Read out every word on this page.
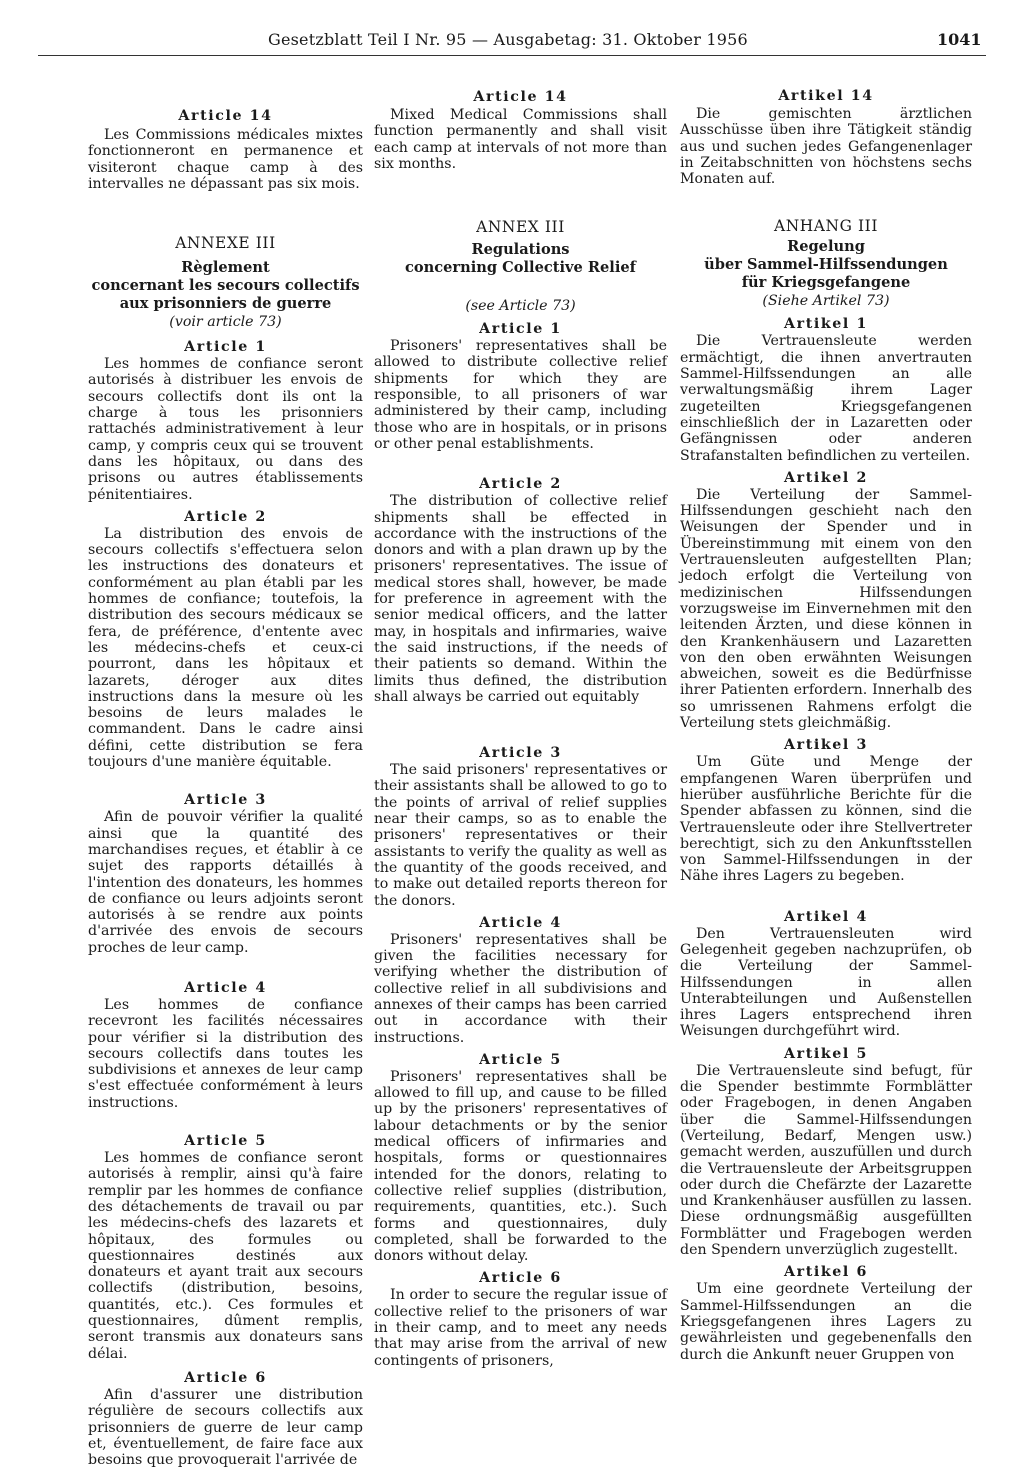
Gesetzblatt Teil I Nr. 95 — Ausgabetag: 31. Oktober 1956	1041
Article 14

Les Commissions médicales mixtes fonctionneront en permanence et visiteront chaque camp à des intervalles ne dépassant pas six mois.

ANNEXE III
Règlement
concernant les secours collectifs
aux prisonniers de guerre
(voir article 73)
Article 1

Les hommes de confiance seront autorisés à distribuer les envois de secours collectifs dont ils ont la charge à tous les prisonniers rattachés administrativement à leur camp, y compris ceux qui se trouvent dans les hôpitaux, ou dans des prisons ou autres établissements pénitentiaires.

Article 2

La distribution des envois de secours collectifs s'effectuera selon les instructions des donateurs et conformément au plan établi par les hommes de confiance; toutefois, la distribution des secours médicaux se fera, de préférence, d'entente avec les médecins-chefs et ceux-ci pourront, dans les hôpitaux et lazarets, déroger aux dites instructions dans la mesure où les besoins de leurs malades le commandent. Dans le cadre ainsi défini, cette distribution se fera toujours d'une manière équitable.

Article 3

Afin de pouvoir vérifier la qualité ainsi que la quantité des marchandises reçues, et établir à ce sujet des rapports détaillés à l'intention des donateurs, les hommes de confiance ou leurs adjoints seront autorisés à se rendre aux points d'arrivée des envois de secours proches de leur camp.

Article 4

Les hommes de confiance recevront les facilités nécessaires pour vérifier si la distribution des secours collectifs dans toutes les subdivisions et annexes de leur camp s'est effectuée conformément à leurs instructions.

Article 5

Les hommes de confiance seront autorisés à remplir, ainsi qu'à faire remplir par les hommes de confiance des détachements de travail ou par les médecins-chefs des lazarets et hôpitaux, des formules ou questionnaires destinés aux donateurs et ayant trait aux secours collectifs (distribution, besoins, quantités, etc.). Ces formules et questionnaires, dûment remplis, seront transmis aux donateurs sans délai.

Article 6

Afin d'assurer une distribution régulière de secours collectifs aux prisonniers de guerre de leur camp et, éventuellement, de faire face aux besoins que provoquerait l'arrivée de

Article 14

Mixed Medical Commissions shall function permanently and shall visit each camp at intervals of not more than six months.

ANNEX III
Regulations
concerning Collective Relief
(see Article 73)
Article 1

Prisoners' representatives shall be allowed to distribute collective relief shipments for which they are responsible, to all prisoners of war administered by their camp, including those who are in hospitals, or in prisons or other penal establishments.

Article 2

The distribution of collective relief shipments shall be effected in accordance with the instructions of the donors and with a plan drawn up by the prisoners' representatives. The issue of medical stores shall, however, be made for preference in agreement with the senior medical officers, and the latter may, in hospitals and infirmaries, waive the said instructions, if the needs of their patients so demand. Within the limits thus defined, the distribution shall always be carried out equitably

Article 3

The said prisoners' representatives or their assistants shall be allowed to go to the points of arrival of relief supplies near their camps, so as to enable the prisoners' representatives or their assistants to verify the quality as well as the quantity of the goods received, and to make out detailed reports thereon for the donors.

Article 4

Prisoners' representatives shall be given the facilities necessary for verifying whether the distribution of collective relief in all subdivisions and annexes of their camps has been carried out in accordance with their instructions.

Article 5

Prisoners' representatives shall be allowed to fill up, and cause to be filled up by the prisoners' representatives of labour detachments or by the senior medical officers of infirmaries and hospitals, forms or questionnaires intended for the donors, relating to collective relief supplies (distribution, requirements, quantities, etc.). Such forms and questionnaires, duly completed, shall be forwarded to the donors without delay.

Article 6

In order to secure the regular issue of collective relief to the prisoners of war in their camp, and to meet any needs that may arise from the arrival of new contingents of prisoners,

Artikel 14

Die gemischten ärztlichen Ausschüsse üben ihre Tätigkeit ständig aus und suchen jedes Gefangenenlager in Zeitabschnitten von höchstens sechs Monaten auf.

ANHANG III
Regelung
über Sammel-Hilfssendungen
für Kriegsgefangene
(Siehe Artikel 73)
Artikel 1

Die Vertrauensleute werden ermächtigt, die ihnen anvertrauten Sammel-Hilfssendungen an alle verwaltungsmäßig ihrem Lager zugeteilten Kriegsgefangenen einschließlich der in Lazaretten oder Gefängnissen oder anderen Strafanstalten befindlichen zu verteilen.

Artikel 2

Die Verteilung der Sammel-Hilfssendungen geschieht nach den Weisungen der Spender und in Übereinstimmung mit einem von den Vertrauensleuten aufgestellten Plan; jedoch erfolgt die Verteilung von medizinischen Hilfssendungen vorzugsweise im Einvernehmen mit den leitenden Ärzten, und diese können in den Krankenhäusern und Lazaretten von den oben erwähnten Weisungen abweichen, soweit es die Bedürfnisse ihrer Patienten erfordern. Innerhalb des so umrissenen Rahmens erfolgt die Verteilung stets gleichmäßig.

Artikel 3

Um Güte und Menge der empfangenen Waren überprüfen und hierüber ausführliche Berichte für die Spender abfassen zu können, sind die Vertrauensleute oder ihre Stellvertreter berechtigt, sich zu den Ankunftsstellen von Sammel-Hilfssendungen in der Nähe ihres Lagers zu begeben.

Artikel 4

Den Vertrauensleuten wird Gelegenheit gegeben nachzuprüfen, ob die Verteilung der Sammel-Hilfssendungen in allen Unterabteilungen und Außenstellen ihres Lagers entsprechend ihren Weisungen durchgeführt wird.

Artikel 5

Die Vertrauensleute sind befugt, für die Spender bestimmte Formblätter oder Fragebogen, in denen Angaben über die Sammel-Hilfssendungen (Verteilung, Bedarf, Mengen usw.) gemacht werden, auszufüllen und durch die Vertrauensleute der Arbeitsgruppen oder durch die Chefärzte der Lazarette und Krankenhäuser ausfüllen zu lassen. Diese ordnungsmäßig ausgefüllten Formblätter und Fragebogen werden den Spendern unverzüglich zugestellt.

Artikel 6

Um eine geordnete Verteilung der Sammel-Hilfssendungen an die Kriegsgefangenen ihres Lagers zu gewährleisten und gegebenenfalls den durch die Ankunft neuer Gruppen von
